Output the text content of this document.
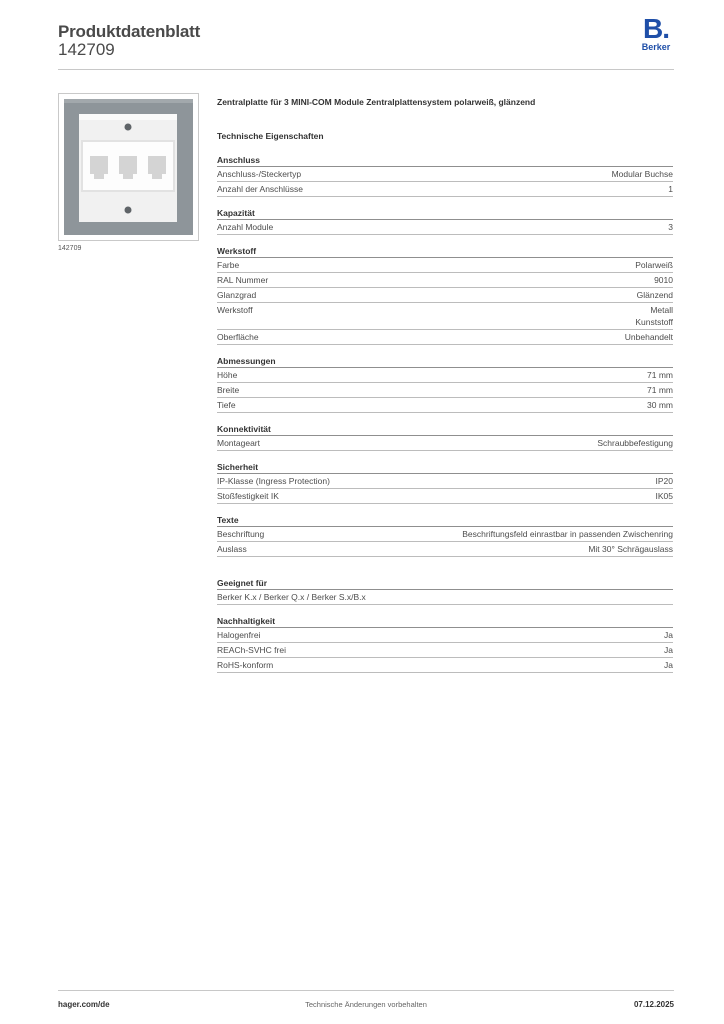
Produktdatenblatt
142709
B.
Berker
142709
Zentralplatte für 3 MINI-COM Module Zentralplattensystem polarweiß, glänzend
Technische Eigenschaften
Anschluss
Anschluss-/Steckertyp	Modular Buchse
Anzahl der Anschlüsse	1
Kapazität
Anzahl Module	3
Werkstoff
Farbe	Polarweiß
RAL Nummer	9010
Glanzgrad	Glänzend
Werkstoff	Metall
Kunststoff
Oberfläche	Unbehandelt
Abmessungen
Höhe	71 mm
Breite	71 mm
Tiefe	30 mm
Konnektivität
Montageart	Schraubbefestigung
Sicherheit
IP-Klasse (Ingress Protection)	IP20
Stoßfestigkeit IK	IK05
Texte
Beschriftung	Beschriftungsfeld einrastbar in passenden Zwischenring
Auslass	Mit 30° Schrägauslass
Geeignet für
Berker K.x / Berker Q.x / Berker S.x/B.x
Nachhaltigkeit
Halogenfrei	Ja
REACh-SVHC frei	Ja
RoHS-konform	Ja
hager.com/de	Technische Änderungen vorbehalten	07.12.2025
